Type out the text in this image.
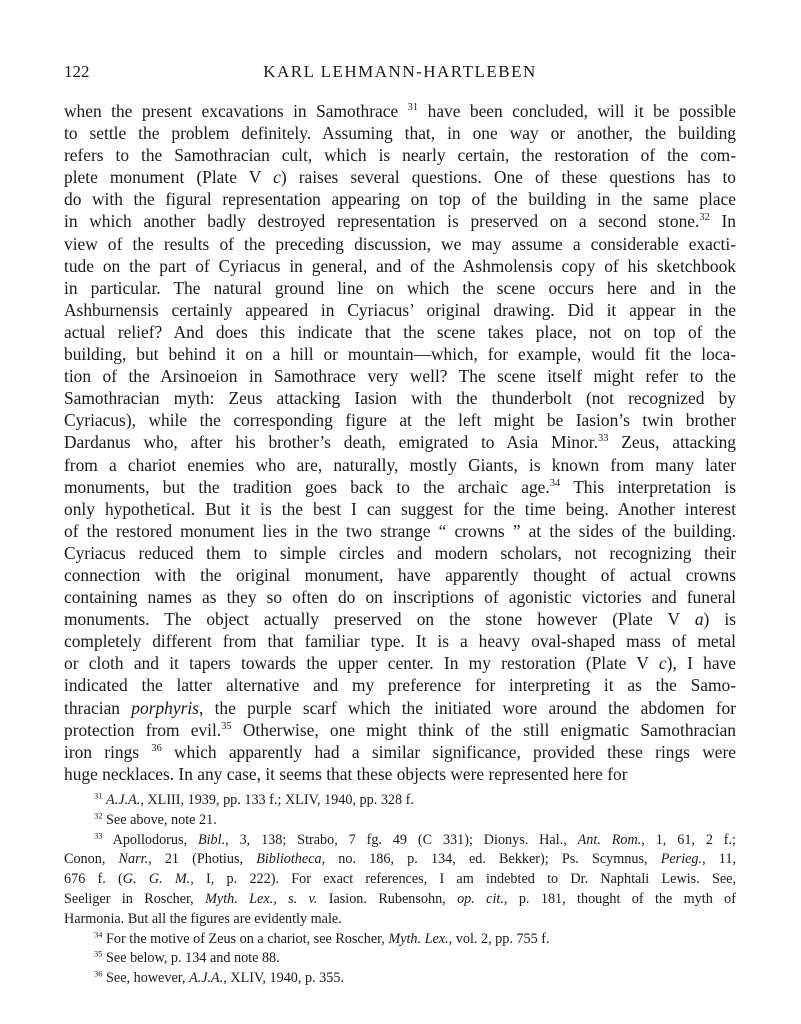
122	KARL LEHMANN-HARTLEBEN
when the present excavations in Samothrace $^{31}$ have been concluded, will it be possible
to settle the problem definitely. Assuming that, in one way or another, the building
refers to the Samothracian cult, which is nearly certain, the restoration of the com-
plete monument (Plate V c) raises several questions. One of these questions has to
do with the figural representation appearing on top of the building in the same place
in which another badly destroyed representation is preserved on a second stone.$^{32}$ In
view of the results of the preceding discussion, we may assume a considerable exacti-
tude on the part of Cyriacus in general, and of the Ashmolensis copy of his sketchbook
in particular. The natural ground line on which the scene occurs here and in the
Ashburnensis certainly appeared in Cyriacus’ original drawing. Did it appear in the
actual relief? And does this indicate that the scene takes place, not on top of the
building, but behind it on a hill or mountain—which, for example, would fit the loca-
tion of the Arsinoeion in Samothrace very well? The scene itself might refer to the
Samothracian myth: Zeus attacking Iasion with the thunderbolt (not recognized by
Cyriacus), while the corresponding figure at the left might be Iasion’s twin brother
Dardanus who, after his brother’s death, emigrated to Asia Minor.$^{33}$ Zeus, attacking
from a chariot enemies who are, naturally, mostly Giants, is known from many later
monuments, but the tradition goes back to the archaic age.$^{34}$ This interpretation is
only hypothetical. But it is the best I can suggest for the time being. Another interest
of the restored monument lies in the two strange “ crowns ” at the sides of the building.
Cyriacus reduced them to simple circles and modern scholars, not recognizing their
connection with the original monument, have apparently thought of actual crowns
containing names as they so often do on inscriptions of agonistic victories and funeral
monuments. The object actually preserved on the stone however (Plate V a) is
completely different from that familiar type. It is a heavy oval-shaped mass of metal
or cloth and it tapers towards the upper center. In my restoration (Plate V c), I have
indicated the latter alternative and my preference for interpreting it as the Samo-
thracian porphyris, the purple scarf which the initiated wore around the abdomen for
protection from evil.$^{35}$ Otherwise, one might think of the still enigmatic Samothracian
iron rings $^{36}$ which apparently had a similar significance, provided these rings were
huge necklaces. In any case, it seems that these objects were represented here for
$^{31}$ A.J.A., XLIII, 1939, pp. 133 f.; XLIV, 1940, pp. 328 f.
$^{32}$ See above, note 21.
$^{33}$ Apollodorus, Bibl., 3, 138; Strabo, 7 fg. 49 (C 331); Dionys. Hal., Ant. Rom., 1, 61, 2 f.;
Conon, Narr., 21 (Photius, Bibliotheca, no. 186, p. 134, ed. Bekker); Ps. Scymnus, Perieg., 11,
676 f. (G. G. M., I, p. 222). For exact references, I am indebted to Dr. Naphtali Lewis. See,
Seeliger in Roscher, Myth. Lex., s. v. Iasion. Rubensohn, op. cit., p. 181, thought of the myth of
Harmonia. But all the figures are evidently male.
$^{34}$ For the motive of Zeus on a chariot, see Roscher, Myth. Lex., vol. 2, pp. 755 f.
$^{35}$ See below, p. 134 and note 88.
$^{36}$ See, however, A.J.A., XLIV, 1940, p. 355.
